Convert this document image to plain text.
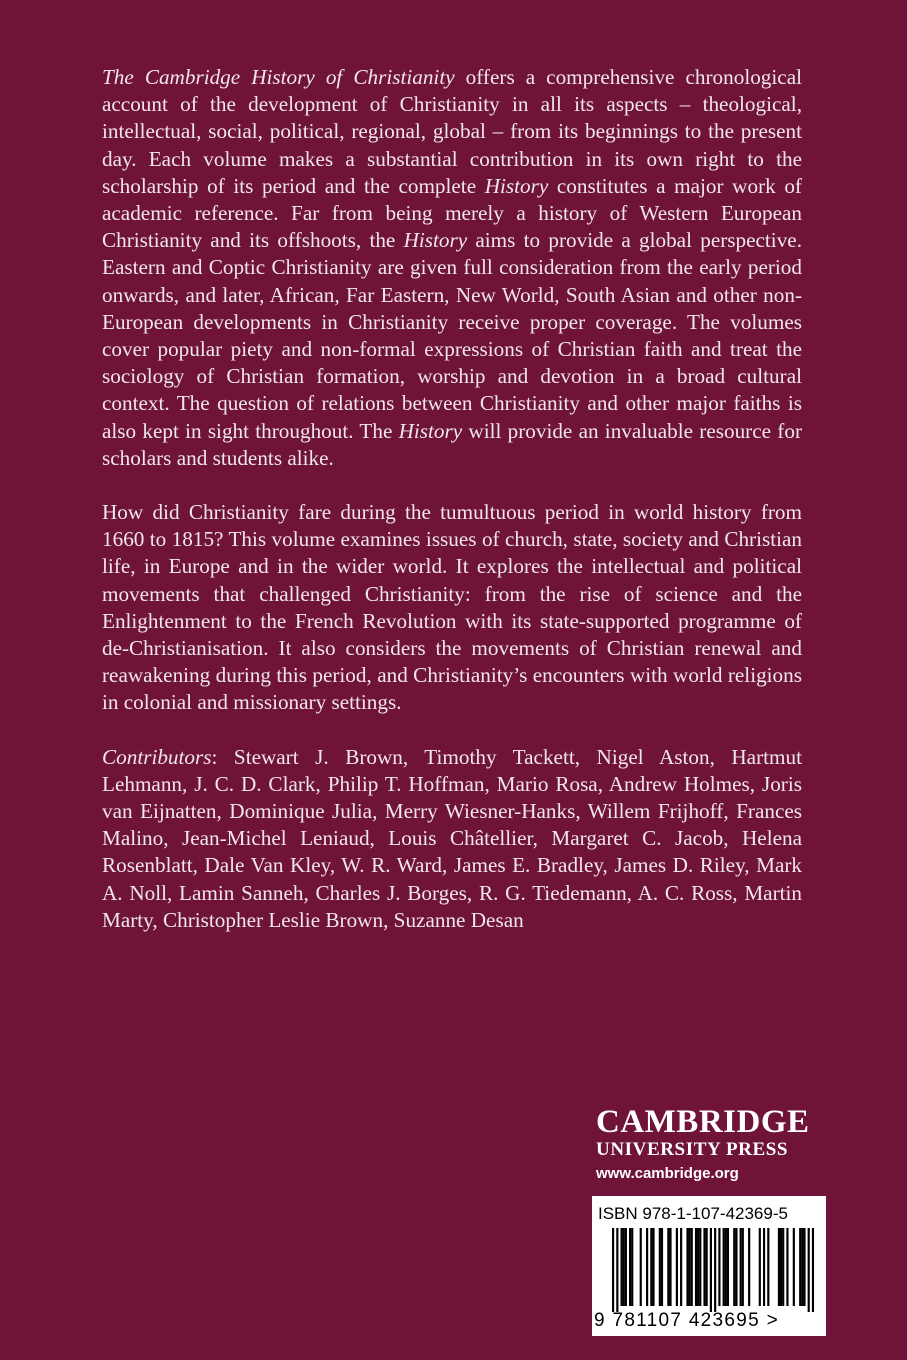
The Cambridge History of Christianity offers a comprehensive chronological account of the development of Christianity in all its aspects – theological, intellectual, social, political, regional, global – from its beginnings to the present day. Each volume makes a substantial contribution in its own right to the scholarship of its period and the complete History constitutes a major work of academic reference. Far from being merely a history of Western European Christianity and its offshoots, the History aims to provide a global perspective. Eastern and Coptic Christianity are given full consideration from the early period onwards, and later, African, Far Eastern, New World, South Asian and other non-European developments in Christianity receive proper coverage. The volumes cover popular piety and non-formal expressions of Christian faith and treat the sociology of Christian formation, worship and devotion in a broad cultural context. The question of relations between Christianity and other major faiths is also kept in sight throughout. The History will provide an invaluable resource for scholars and students alike.

How did Christianity fare during the tumultuous period in world history from 1660 to 1815? This volume examines issues of church, state, society and Christian life, in Europe and in the wider world. It explores the intellectual and political movements that challenged Christianity: from the rise of science and the Enlightenment to the French Revolution with its state-supported programme of de-Christianisation. It also considers the movements of Christian renewal and reawakening during this period, and Christianity’s encounters with world religions in colonial and missionary settings.

Contributors: Stewart J. Brown, Timothy Tackett, Nigel Aston, Hartmut Lehmann, J. C. D. Clark, Philip T. Hoffman, Mario Rosa, Andrew Holmes, Joris van Eijnatten, Dominique Julia, Merry Wiesner-Hanks, Willem Frijhoff, Frances Malino, Jean-Michel Leniaud, Louis Châtellier, Margaret C. Jacob, Helena Rosenblatt, Dale Van Kley, W. R. Ward, James E. Bradley, James D. Riley, Mark A. Noll, Lamin Sanneh, Charles J. Borges, R. G. Tiedemann, A. C. Ross, Martin Marty, Christopher Leslie Brown, Suzanne Desan

CAMBRIDGE
UNIVERSITY PRESS
www.cambridge.org
ISBN 978-1-107-42369-5
9 781107 423695 >
